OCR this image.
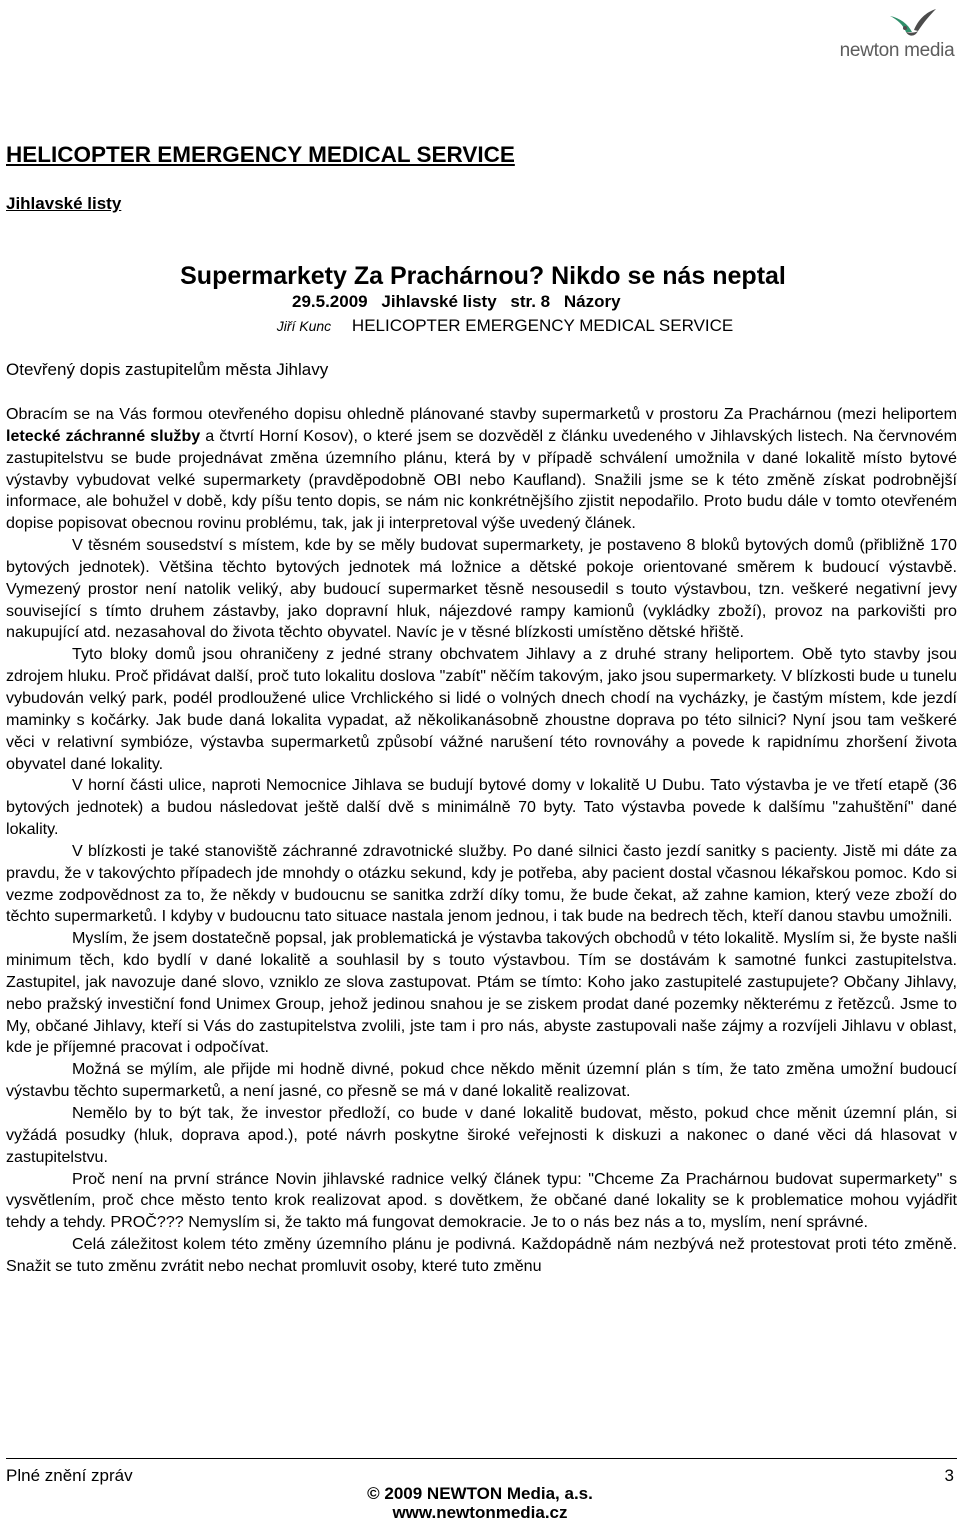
newton media
HELICOPTER EMERGENCY MEDICAL SERVICE
Jihlavské listy
Supermarkety Za Prachárnou? Nikdo se nás neptal
29.5.2009 Jihlavské listy str. 8 Názory
Jiří Kunc HELICOPTER EMERGENCY MEDICAL SERVICE
Otevřený dopis zastupitelům města Jihlavy

Obracím se na Vás formou otevřeného dopisu ohledně plánované stavby supermarketů v prostoru Za Prachárnou (mezi heliportem letecké záchranné služby a čtvrtí Horní Kosov), o které jsem se dozvěděl z článku uvedeného v Jihlavských listech. Na červnovém zastupitelstvu se bude projednávat změna územního plánu, která by v případě schválení umožnila v dané lokalitě místo bytové výstavby vybudovat velké supermarkety (pravděpodobně OBI nebo Kaufland). Snažili jsme se k této změně získat podrobnější informace, ale bohužel v době, kdy píšu tento dopis, se nám nic konkrétnějšího zjistit nepodařilo. Proto budu dále v tomto otevřeném dopise popisovat obecnou rovinu problému, tak, jak ji interpretoval výše uvedený článek.

V těsném sousedství s místem, kde by se měly budovat supermarkety, je postaveno 8 bloků bytových domů (přibližně 170 bytových jednotek). Většina těchto bytových jednotek má ložnice a dětské pokoje orientované směrem k budoucí výstavbě. Vymezený prostor není natolik veliký, aby budoucí supermarket těsně nesousedil s touto výstavbou, tzn. veškeré negativní jevy související s tímto druhem zástavby, jako dopravní hluk, nájezdové rampy kamionů (vykládky zboží), provoz na parkovišti pro nakupující atd. nezasahoval do života těchto obyvatel. Navíc je v těsné blízkosti umístěno dětské hřiště.

Tyto bloky domů jsou ohraničeny z jedné strany obchvatem Jihlavy a z druhé strany heliportem. Obě tyto stavby jsou zdrojem hluku. Proč přidávat další, proč tuto lokalitu doslova "zabít" něčím takovým, jako jsou supermarkety. V blízkosti bude u tunelu vybudován velký park, podél prodloužené ulice Vrchlického si lidé o volných dnech chodí na vycházky, je častým místem, kde jezdí maminky s kočárky. Jak bude daná lokalita vypadat, až několikanásobně zhoustne doprava po této silnici? Nyní jsou tam veškeré věci v relativní symbióze, výstavba supermarketů způsobí vážné narušení této rovnováhy a povede k rapidnímu zhoršení života obyvatel dané lokality.

V horní části ulice, naproti Nemocnice Jihlava se budují bytové domy v lokalitě U Dubu. Tato výstavba je ve třetí etapě (36 bytových jednotek) a budou následovat ještě další dvě s minimálně 70 byty. Tato výstavba povede k dalšímu "zahuštění" dané lokality.

V blízkosti je také stanoviště záchranné zdravotnické služby. Po dané silnici často jezdí sanitky s pacienty. Jistě mi dáte za pravdu, že v takovýchto případech jde mnohdy o otázku sekund, kdy je potřeba, aby pacient dostal včasnou lékařskou pomoc. Kdo si vezme zodpovědnost za to, že někdy v budoucnu se sanitka zdrží díky tomu, že bude čekat, až zahne kamion, který veze zboží do těchto supermarketů. I kdyby v budoucnu tato situace nastala jenom jednou, i tak bude na bedrech těch, kteří danou stavbu umožnili.

Myslím, že jsem dostatečně popsal, jak problematická je výstavba takových obchodů v této lokalitě. Myslím si, že byste našli minimum těch, kdo bydlí v dané lokalitě a souhlasil by s touto výstavbou. Tím se dostávám k samotné funkci zastupitelstva. Zastupitel, jak navozuje dané slovo, vzniklo ze slova zastupovat. Ptám se tímto: Koho jako zastupitelé zastupujete? Občany Jihlavy, nebo pražský investiční fond Unimex Group, jehož jedinou snahou je se ziskem prodat dané pozemky některému z řetězců. Jsme to My, občané Jihlavy, kteří si Vás do zastupitelstva zvolili, jste tam i pro nás, abyste zastupovali naše zájmy a rozvíjeli Jihlavu v oblast, kde je příjemné pracovat i odpočívat.

Možná se mýlím, ale přijde mi hodně divné, pokud chce někdo měnit územní plán s tím, že tato změna umožní budoucí výstavbu těchto supermarketů, a není jasné, co přesně se má v dané lokalitě realizovat.

Nemělo by to být tak, že investor předloží, co bude v dané lokalitě budovat, město, pokud chce měnit územní plán, si vyžádá posudky (hluk, doprava apod.), poté návrh poskytne široké veřejnosti k diskuzi a nakonec o dané věci dá hlasovat v zastupitelstvu.

Proč není na první stránce Novin jihlavské radnice velký článek typu: "Chceme Za Prachárnou budovat supermarkety" s vysvětlením, proč chce město tento krok realizovat apod. s dovětkem, že občané dané lokality se k problematice mohou vyjádřit tehdy a tehdy. PROČ??? Nemyslím si, že takto má fungovat demokracie. Je to o nás bez nás a to, myslím, není správné.

Celá záležitost kolem této změny územního plánu je podivná. Každopádně nám nezbývá než protestovat proti této změně. Snažit se tuto změnu zvrátit nebo nechat promluvit osoby, které tuto změnu

Plné znění zpráv	3
© 2009 NEWTON Media, a.s.
www.newtonmedia.cz
